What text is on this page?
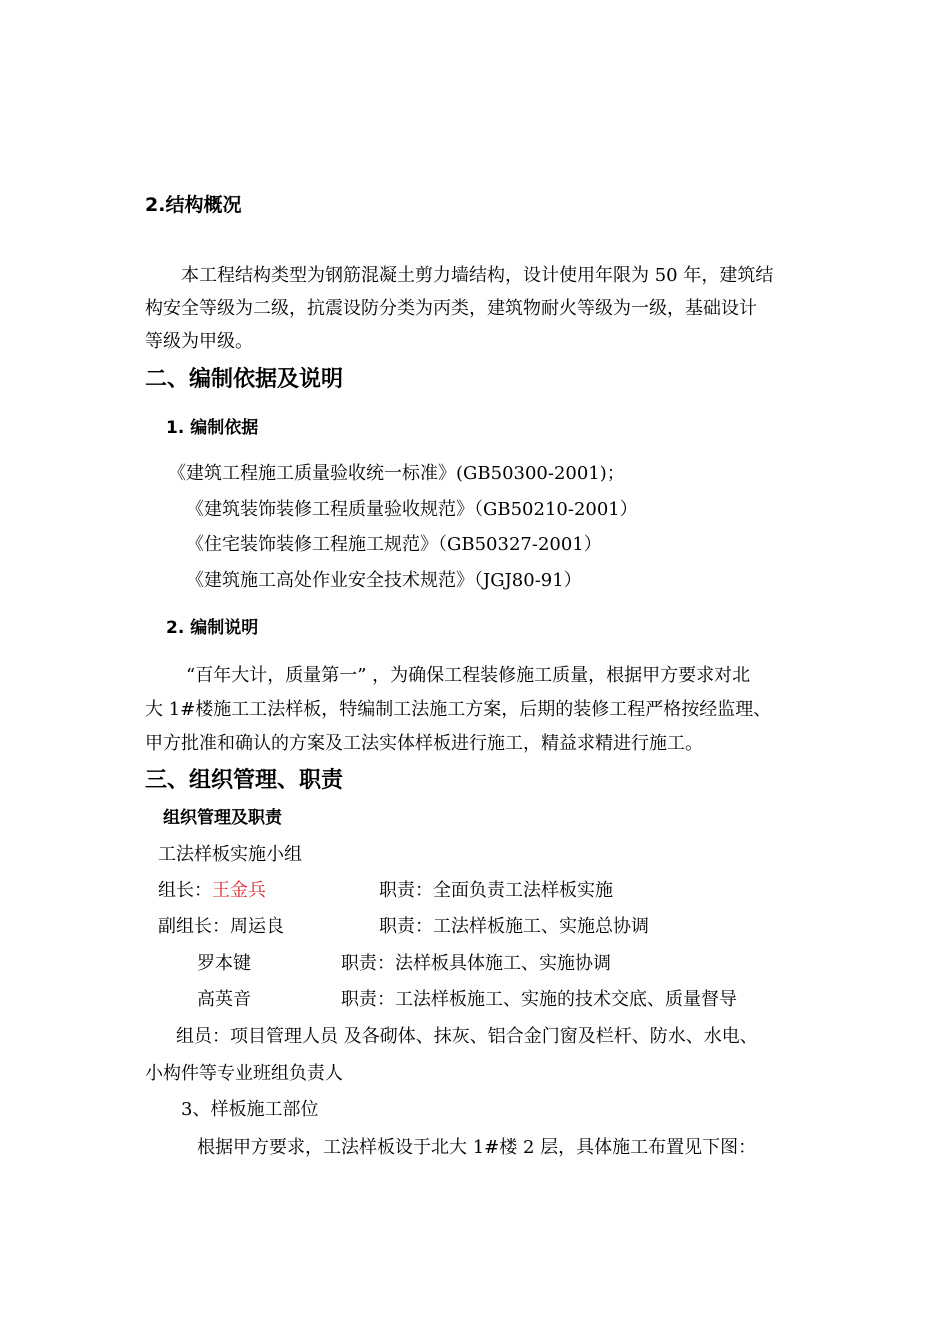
2.结构概况
本工程结构类型为钢筋混凝土剪力墙结构，设计使用年限为 50 年，建筑结
构安全等级为二级，抗震设防分类为丙类，建筑物耐火等级为一级，基础设计
等级为甲级。
二、编制依据及说明
1. 编制依据
《建筑工程施工质量验收统一标准》(GB50300-2001)；
《建筑装饰装修工程质量验收规范》（GB50210-2001）
《住宅装饰装修工程施工规范》（GB50327-2001）
《建筑施工高处作业安全技术规范》（JGJ80-91）
2. 编制说明
“百年大计，质量第一” ，为确保工程装修施工质量，根据甲方要求对北
大 1#楼施工工法样板，特编制工法施工方案，后期的装修工程严格按经监理、
甲方批准和确认的方案及工法实体样板进行施工，精益求精进行施工。
三、组织管理、职责
组织管理及职责
工法样板实施小组
组长：王金兵	职责：全面负责工法样板实施
副组长：周运良	职责：工法样板施工、实施总协调
罗本键	职责：法样板具体施工、实施协调
高英音	职责：工法样板施工、实施的技术交底、质量督导
组员：项目管理人员 及各砌体、抹灰、铝合金门窗及栏杆、防水、水电、
小构件等专业班组负责人
3、样板施工部位
根据甲方要求，工法样板设于北大 1#楼 2 层，具体施工布置见下图：
